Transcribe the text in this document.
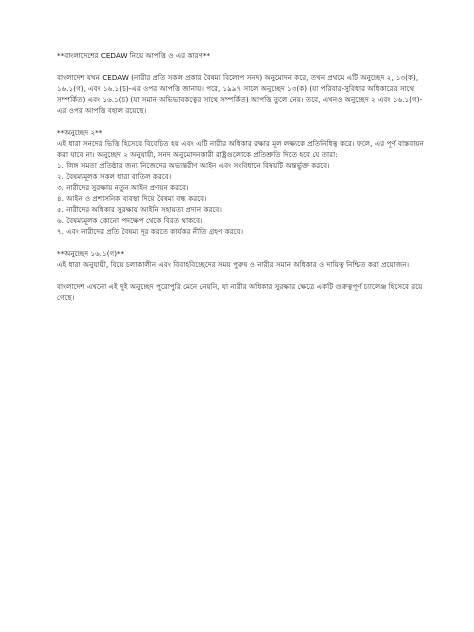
**বাংলাদেশের CEDAW নিয়ে আপত্তি ও এর কারণ**

বাংলাদেশ যখন CEDAW (নারীর প্রতি সকল প্রকার বৈষম্য বিলোপ সনদ) অনুমোদন করে, তখন প্রথমে এটি অনুচ্ছেদ ২, ১৩(ক), ১৬.১(গ), এবং ১৬.১(চ)-এর ওপর আপত্তি জানায়। পরে, ১৯৯৭ সালে অনুচ্ছেদ ১৩(ক) (যা পরিবার-সুবিধার অধিকারের সাথে সম্পর্কিত) এবং ১৬.১(চ) (যা সমান অভিভাবকত্বের সাথে সম্পর্কিত) আপত্তি তুলে নেয়। তবে, এখনও অনুচ্ছেদ ২ এবং ১৬.১(গ)-এর ওপর আপত্তি বহাল রয়েছে।

**অনুচ্ছেদ ২**

এই ধারা সনদের ভিত্তি হিসেবে বিবেচিত হয় এবং এটি নারীর অধিকার রক্ষার মূল লক্ষ্যকে প্রতিনিধিত্ব করে। ফলে, এর পূর্ণ বাস্তবায়ন করা যাবে না। অনুচ্ছেদ ২ অনুযায়ী, সনদ অনুমোদনকারী রাষ্ট্রগুলোকে প্রতিশ্রুতি দিতে হবে যে তারা:

১. লিঙ্গ সমতা প্রতিষ্ঠার জন্য নিজেদের অভ্যন্তরীণ আইন এবং সংবিধানে বিষয়টি অন্তর্ভুক্ত করবে।
২. বৈষম্যমূলক সকল ধারা বাতিল করবে।
৩. নারীদের সুরক্ষায় নতুন আইন প্রণয়ন করবে।
৪. আইন ও প্রশাসনিক ব্যবস্থা দিয়ে বৈষম্য বন্ধ করবে।
৫. নারীদের অধিকার সুরক্ষায় আইনি সহায়তা প্রদান করবে।
৬. বৈষম্যমূলক কোনো পদক্ষেপ থেকে বিরত থাকবে।
৭. এবং নারীদের প্রতি বৈষম্য দূর করতে কার্যকর নীতি গ্রহণ করবে।

**অনুচ্ছেদ ১৬.১(গ)**

এই ধারা অনুযায়ী, বিয়ে চলাকালীন এবং বিবাহবিচ্ছেদের সময় পুরুষ ও নারীর সমান অধিকার ও দায়িত্ব নিশ্চিত করা প্রয়োজন।

বাংলাদেশ এখনো এই দুই অনুচ্ছেদ পুরোপুরি মেনে নেয়নি, যা নারীর অধিকার সুরক্ষার ক্ষেত্রে একটি গুরুত্বপূর্ণ চ্যালেঞ্জ হিসেবে রয়ে গেছে।
